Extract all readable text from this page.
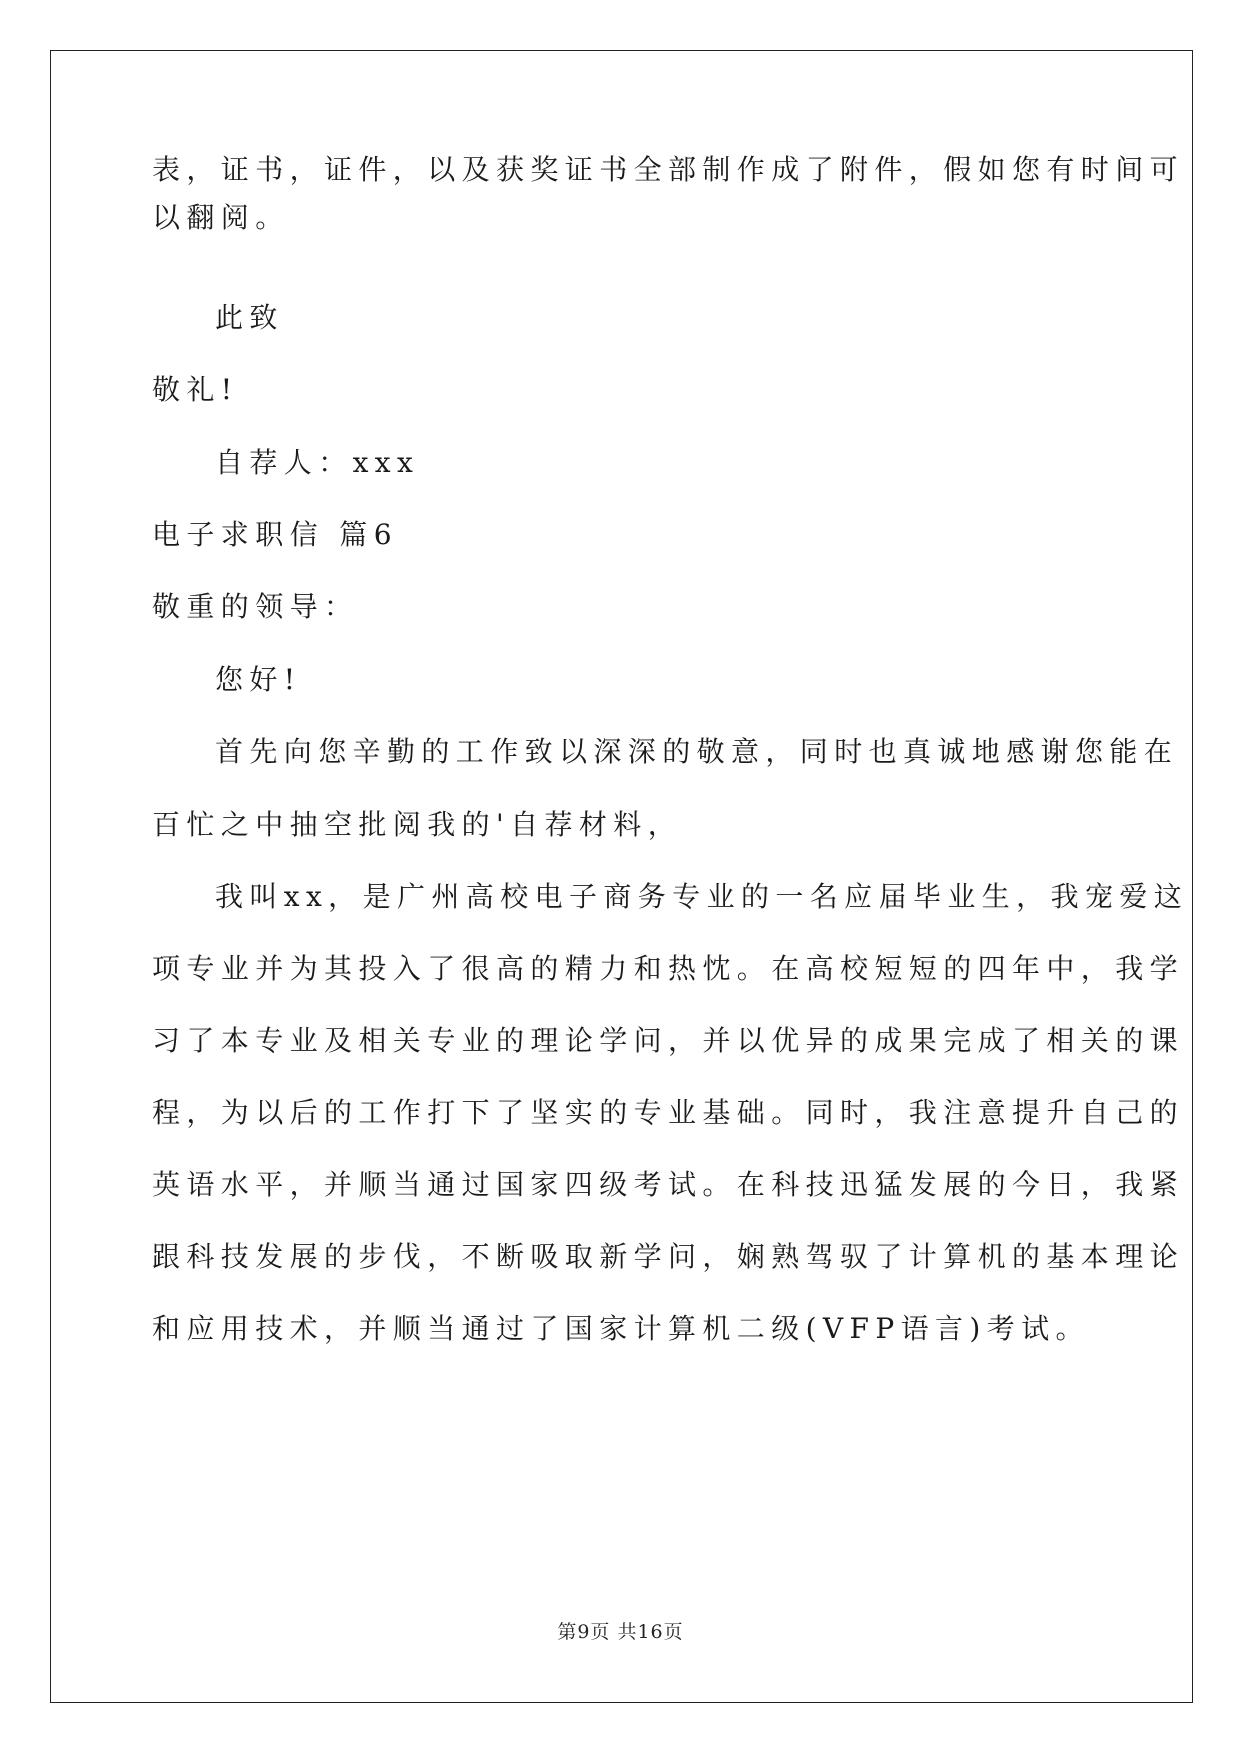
表，证书，证件，以及获奖证书全部制作成了附件，假如您有时间可
以翻阅。
此致
敬礼!
自荐人：xxx
电子求职信 篇6
敬重的领导：
您好!
首先向您辛勤的工作致以深深的敬意，同时也真诚地感谢您能在
百忙之中抽空批阅我的'自荐材料，
我叫xx，是广州高校电子商务专业的一名应届毕业生，我宠爱这
项专业并为其投入了很高的精力和热忱。在高校短短的四年中，我学
习了本专业及相关专业的理论学问，并以优异的成果完成了相关的课
程，为以后的工作打下了坚实的专业基础。同时，我注意提升自己的
英语水平，并顺当通过国家四级考试。在科技迅猛发展的今日，我紧
跟科技发展的步伐，不断吸取新学问，娴熟驾驭了计算机的基本理论
和应用技术，并顺当通过了国家计算机二级(VFP语言)考试。
第9页 共16页
